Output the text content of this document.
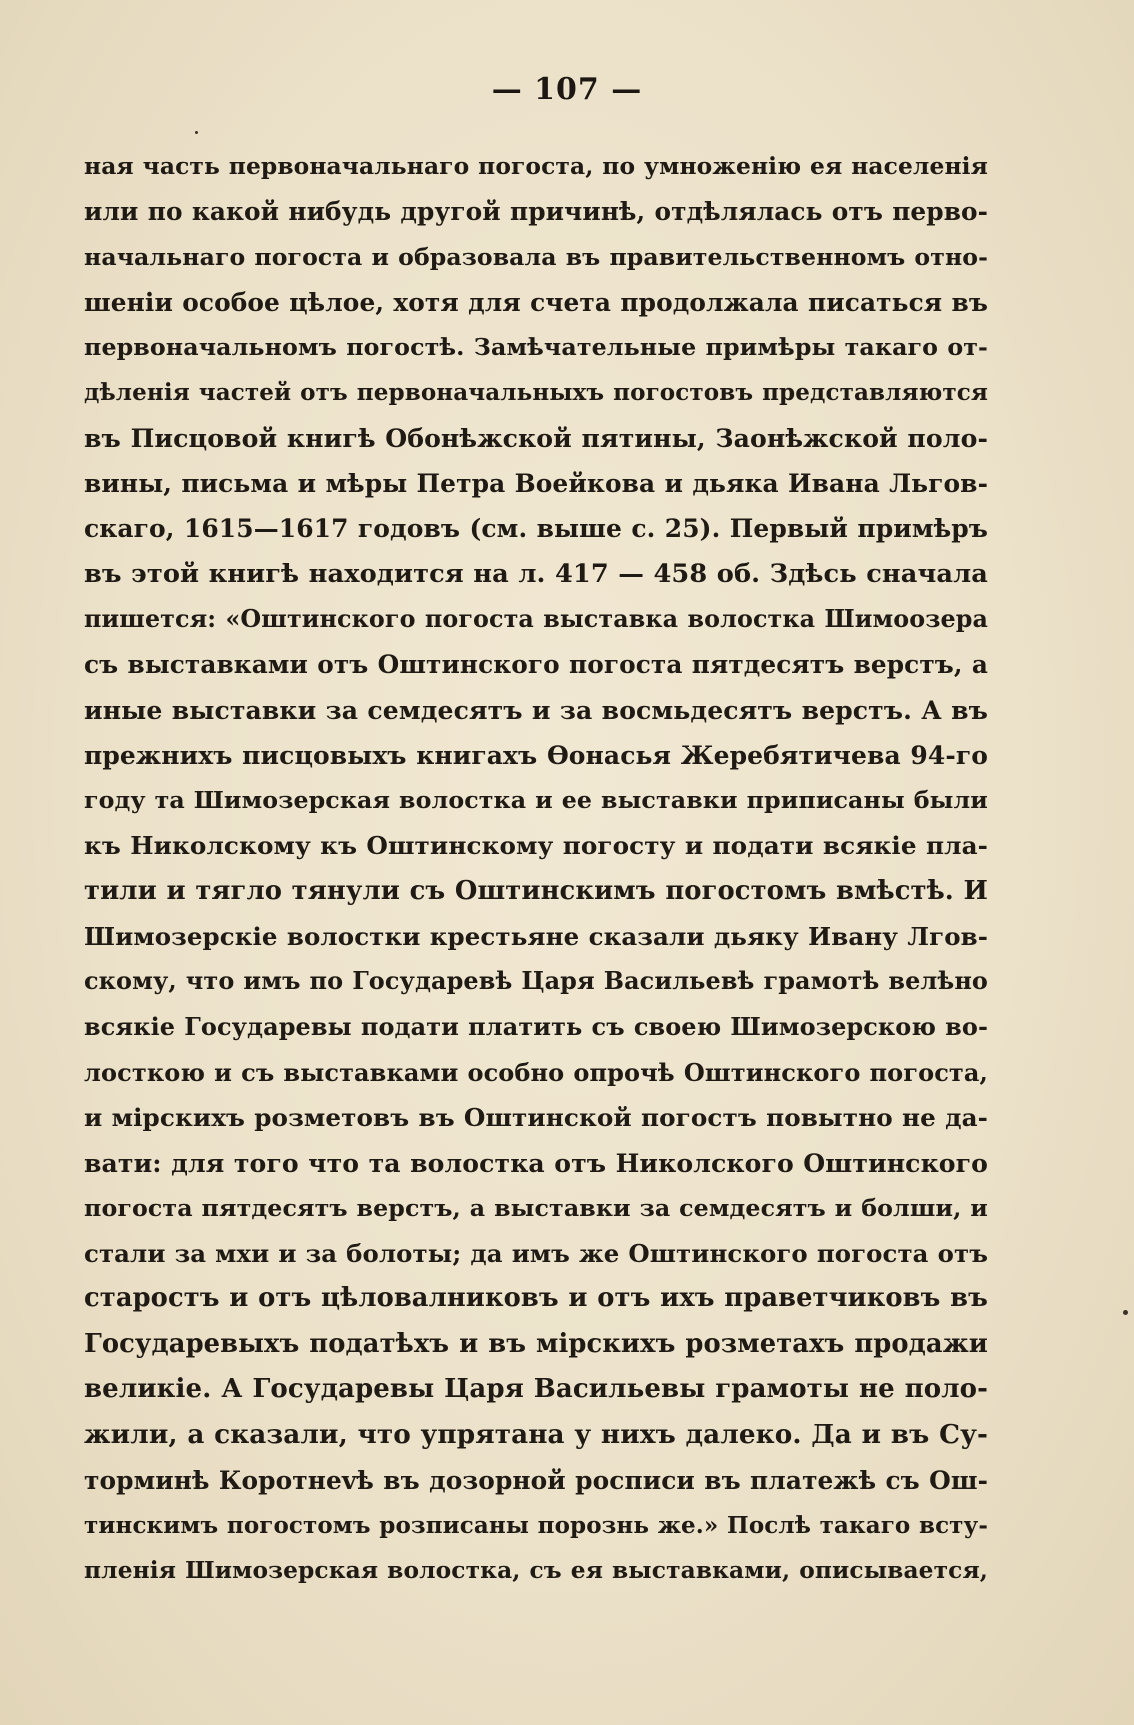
— 107 —
ная часть первоначальнаго погоста, по умноженію ея населенія
или по какой нибудь другой причинѣ, отдѣлялась отъ перво-
начальнаго погоста и образовала въ правительственномъ отно-
шеніи особое цѣлое, хотя для счета продолжала писаться въ
первоначальномъ погостѣ. Замѣчательные примѣры такаго от-
дѣленія частей отъ первоначальныхъ погостовъ представляются
въ Писцовой книгѣ Обонѣжской пятины, Заонѣжской поло-
вины, письма и мѣры Петра Воейкова и дьяка Ивана Льгов-
скаго, 1615—1617 годовъ (см. выше с. 25). Первый примѣръ
въ этой книгѣ находится на л. 417 — 458 об. Здѣсь сначала
пишется: «Оштинского погоста выставка волостка Шимоозера
съ выставками отъ Оштинского погоста пятдесятъ верстъ, а
иные выставки за семдесятъ и за восмьдесятъ верстъ. А въ
прежнихъ писцовыхъ книгахъ Ѳонасья Жеребятичева 94-го
году та Шимозерская волостка и ее выставки приписаны были
къ Николскому къ Оштинскому погосту и подати всякіе пла-
тили и тягло тянули съ Оштинскимъ погостомъ вмѣстѣ. И
Шимозерскіе волостки крестьяне сказали дьяку Ивану Лгов-
скому, что имъ по Государевѣ Царя Васильевѣ грамотѣ велѣно
всякіе Государевы подати платить съ своею Шимозерскою во-
лосткою и съ выставками особно опрочѣ Оштинского погоста,
и мірскихъ розметовъ въ Оштинской погостъ повытно не да-
вати: для того что та волостка отъ Николского Оштинского
погоста пятдесятъ верстъ, а выставки за семдесятъ и болши, и
стали за мхи и за болоты; да имъ же Оштинского погоста отъ
старостъ и отъ цѣловалниковъ и отъ ихъ праветчиковъ въ
Государевыхъ податѣхъ и въ мірскихъ розметахъ продажи
великіе. А Государевы Царя Васильевы грамоты не поло-
жили, а сказали, что упрятана у нихъ далеко. Да и въ Су-
торминѣ Коротнevѣ въ дозорной росписи въ платежѣ съ Ош-
тинскимъ погостомъ розписаны порознь же.» Послѣ такаго всту-
пленія Шимозерская волостка, съ ея выставками, описывается,
